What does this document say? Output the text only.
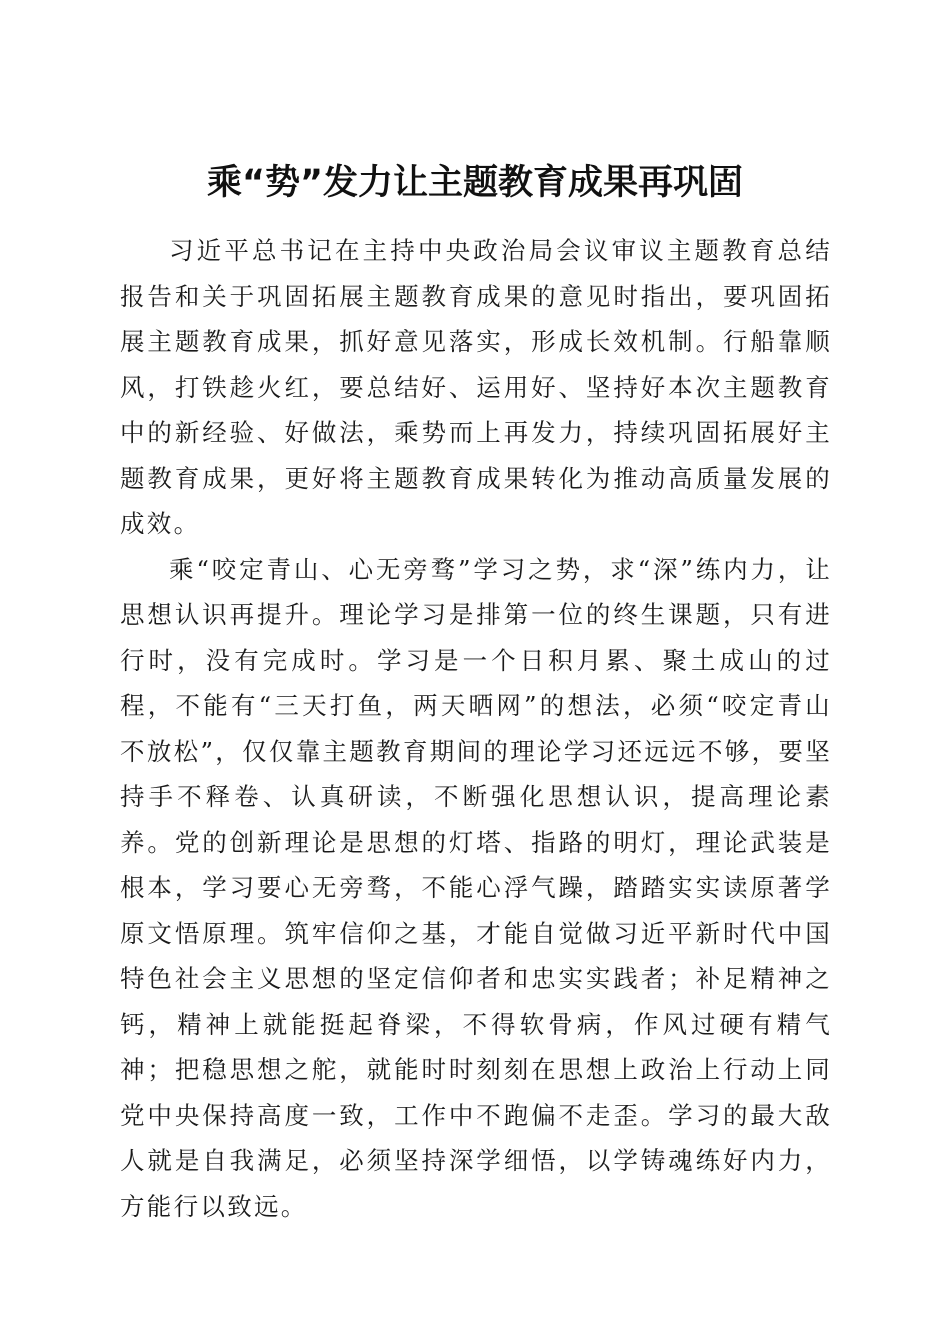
乘“势”发力让主题教育成果再巩固

习近平总书记在主持中央政治局会议审议主题教育总结报告和关于巩固拓展主题教育成果的意见时指出，要巩固拓展主题教育成果，抓好意见落实，形成长效机制。行船靠顺风，打铁趁火红，要总结好、运用好、坚持好本次主题教育中的新经验、好做法，乘势而上再发力，持续巩固拓展好主题教育成果，更好将主题教育成果转化为推动高质量发展的成效。

乘“咬定青山、心无旁骛”学习之势，求“深”练内力，让思想认识再提升。理论学习是排第一位的终生课题，只有进行时，没有完成时。学习是一个日积月累、聚土成山的过程，不能有“三天打鱼，两天晒网”的想法，必须“咬定青山不放松”，仅仅靠主题教育期间的理论学习还远远不够，要坚持手不释卷、认真研读，不断强化思想认识，提高理论素养。党的创新理论是思想的灯塔、指路的明灯，理论武装是根本，学习要心无旁骛，不能心浮气躁，踏踏实实读原著学原文悟原理。筑牢信仰之基，才能自觉做习近平新时代中国特色社会主义思想的坚定信仰者和忠实实践者；补足精神之钙，精神上就能挺起脊梁，不得软骨病，作风过硬有精气神；把稳思想之舵，就能时时刻刻在思想上政治上行动上同党中央保持高度一致，工作中不跑偏不走歪。学习的最大敌人就是自我满足，必须坚持深学细悟，以学铸魂练好内力，方能行以致远。
